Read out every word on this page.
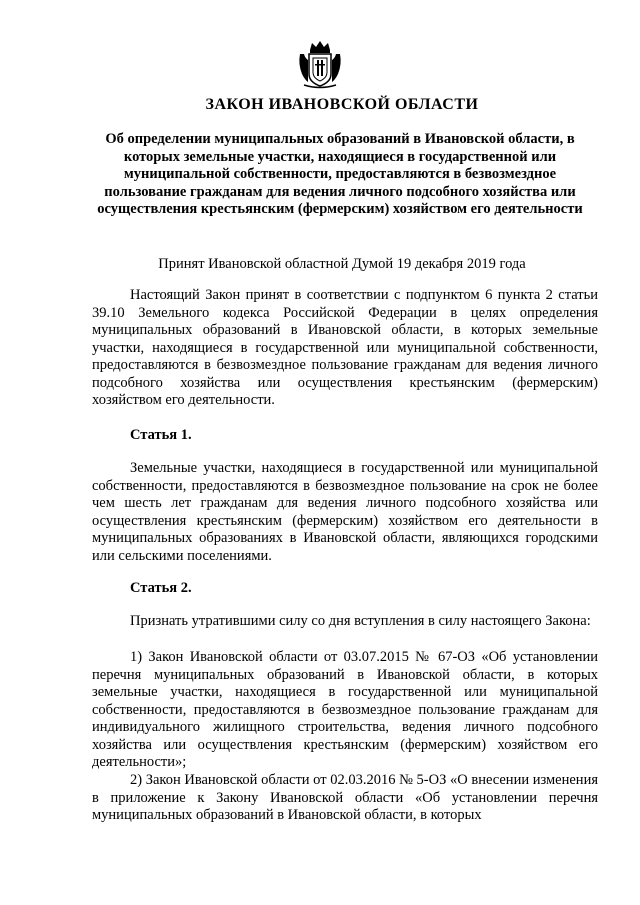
ЗАКОН ИВАНОВСКОЙ ОБЛАСТИ

Об определении муниципальных образований в Ивановской области, в которых земельные участки, находящиеся в государственной или муниципальной собственности, предоставляются в безвозмездное пользование гражданам для ведения личного подсобного хозяйства или осуществления крестьянским (фермерским) хозяйством его деятельности

Принят Ивановской областной Думой 19 декабря 2019 года

Настоящий Закон принят в соответствии с подпунктом 6 пункта 2 статьи 39.10 Земельного кодекса Российской Федерации в целях определения муниципальных образований в Ивановской области, в которых земельные участки, находящиеся в государственной или муниципальной собственности, предоставляются в безвозмездное пользование гражданам для ведения личного подсобного хозяйства или осуществления крестьянским (фермерским) хозяйством его деятельности.

Статья 1.

Земельные участки, находящиеся в государственной или муниципальной собственности, предоставляются в безвозмездное пользование на срок не более чем шесть лет гражданам для ведения личного подсобного хозяйства или осуществления крестьянским (фермерским) хозяйством его деятельности в муниципальных образованиях в Ивановской области, являющихся городскими или сельскими поселениями.

Статья 2.

Признать утратившими силу со дня вступления в силу настоящего Закона:

1) Закон Ивановской области от 03.07.2015 № 67-ОЗ «Об установлении перечня муниципальных образований в Ивановской области, в которых земельные участки, находящиеся в государственной или муниципальной собственности, предоставляются в безвозмездное пользование гражданам для индивидуального жилищного строительства, ведения личного подсобного хозяйства или осуществления крестьянским (фермерским) хозяйством его деятельности»;

2) Закон Ивановской области от 02.03.2016 № 5-ОЗ «О внесении изменения в приложение к Закону Ивановской области «Об установлении перечня муниципальных образований в Ивановской области, в которых
